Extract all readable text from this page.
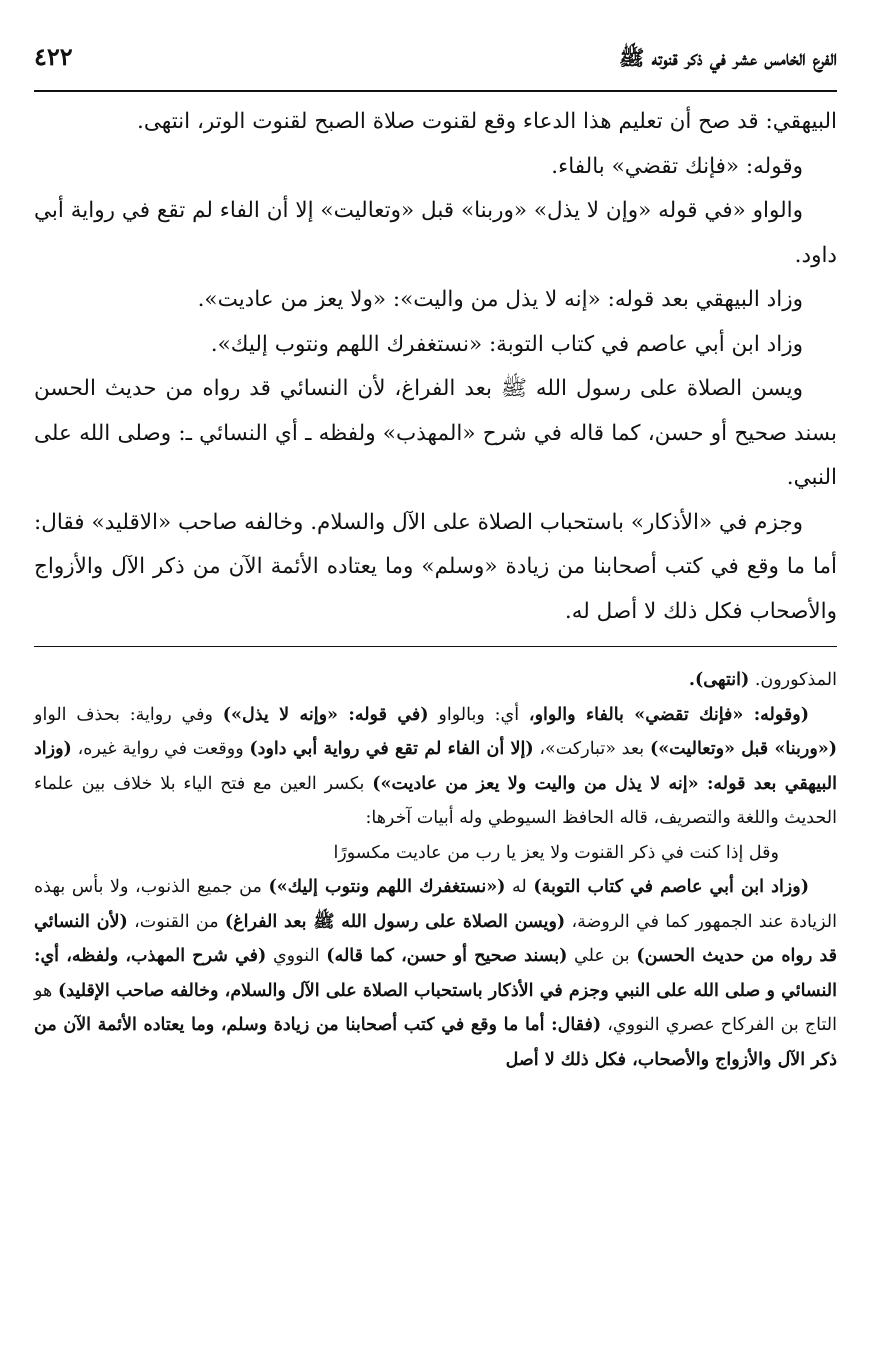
الفرع الخامس عشر في ذكر قنوته ﷺ
٤٢٢

البيهقي: قد صح أن تعليم هذا الدعاء وقع لقنوت صلاة الصبح لقنوت الوتر، انتهى.

وقوله: «فإنك تقضي» بالفاء.

والواو «في قوله «وإن لا يذل» «وربنا» قبل «وتعاليت» إلا أن الفاء لم تقع في رواية أبي داود.

وزاد البيهقي بعد قوله: «إنه لا يذل من واليت»: «ولا يعز من عاديت».

وزاد ابن أبي عاصم في كتاب التوبة: «نستغفرك اللهم ونتوب إليك».

ويسن الصلاة على رسول الله ﷺ بعد الفراغ، لأن النسائي قد رواه من حديث الحسن بسند صحيح أو حسن، كما قاله في شرح «المهذب» ولفظه ـ أي النسائي ـ: وصلى الله على النبي.

وجزم في «الأذكار» باستحباب الصلاة على الآل والسلام. وخالفه صاحب «الاقليد» فقال: أما ما وقع في كتب أصحابنا من زيادة «وسلم» وما يعتاده الأئمة الآن من ذكر الآل والأزواج والأصحاب فكل ذلك لا أصل له.

المذكورون. (انتهى).

(وقوله: «فإنك تقضي» بالفاء والواو، أي: وبالواو (في قوله: «وإنه لا يذل») وفي رواية: بحذف الواو («وربنا» قبل «وتعاليت») بعد «تباركت»، (إلا أن الفاء لم تقع في رواية أبي داود) ووقعت في رواية غيره، (وزاد البيهقي بعد قوله: «إنه لا يذل من واليت ولا يعز من عاديت») بكسر العين مع فتح الياء بلا خلاف بين علماء الحديث واللغة والتصريف، قاله الحافظ السيوطي وله أبيات آخرها:

وقل إذا كنت في ذكر القنوت ولا يعز يا رب من عاديت مكسورًا

(وزاد ابن أبي عاصم في كتاب التوبة) له («نستغفرك اللهم ونتوب إليك») من جميع الذنوب، ولا بأس بهذه الزيادة عند الجمهور كما في الروضة، (ويسن الصلاة على رسول الله ﷺ بعد الفراغ) من القنوت، (لأن النسائي قد رواه من حديث الحسن) بن علي (بسند صحيح أو حسن، كما قاله) النووي (في شرح المهذب، ولفظه، أي: النسائي و صلى الله على النبي وجزم في الأذكار باستحباب الصلاة على الآل والسلام، وخالفه صاحب الإقليد) هو التاج بن الفركاح عصري النووي، (فقال: أما ما وقع في كتب أصحابنا من زيادة وسلم، وما يعتاده الأئمة الآن من ذكر الآل والأزواج والأصحاب، فكل ذلك لا أصل
